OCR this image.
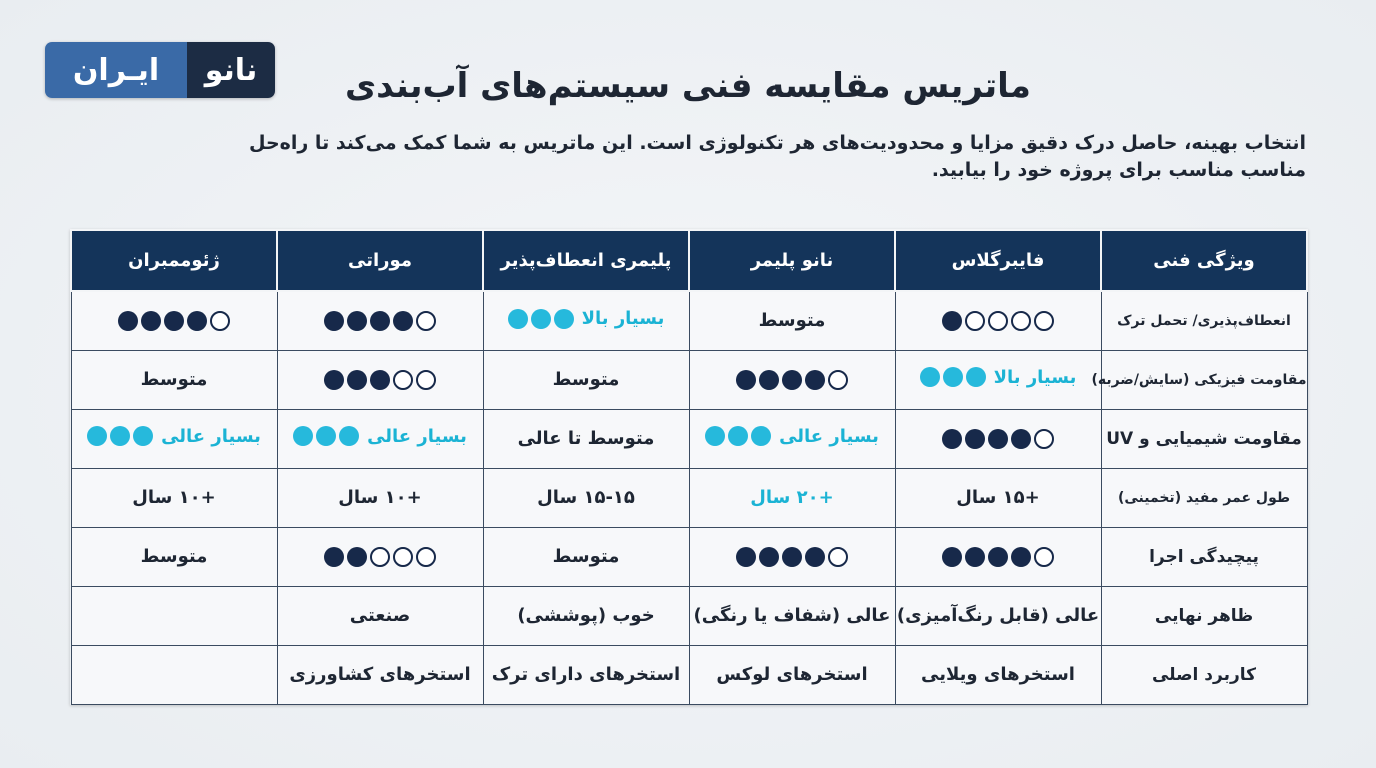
نانو
ایـران	ماتریس مقایسه فنی سیستم‌های آب‌بندی
انتخاب بهینه، حاصل درک دقیق مزایا و محدودیت‌های هر تکنولوژی است. این ماتریس به شما کمک می‌کند تا راه‌حل مناسب مناسب برای پروژه خود را بیابید.
ویژگی فنی	فایبرگلاس	نانو پلیمر	پلیمری انعطاف‌پذیر	موراتی	ژئوممبران
انعطاف‌پذیری/ تحمل ترک		متوسط	بسیار بالا		

مقاومت فیزیکی (سایش/ضربه)	بسیار بالا		متوسط		متوسط
مقاومت شیمیایی و UV		بسیار عالی	متوسط تا عالی	بسیار عالی	بسیار عالی

طول عمر مفید (تخمینی)	+۱۵ سال	+۲۰ سال	۱۵-۱۵ سال	+۱۰ سال	+۱۰ سال
پیچیدگی اجرا			متوسط		متوسط
ظاهر نهایی	عالی (قابل رنگ‌آمیزی)	عالی (شفاف یا رنگی)	خوب (پوششی)	صنعتی	
کاربرد اصلی	استخرهای ویلایی	استخرهای لوکس	استخرهای دارای ترک	استخرهای کشاورزی	
